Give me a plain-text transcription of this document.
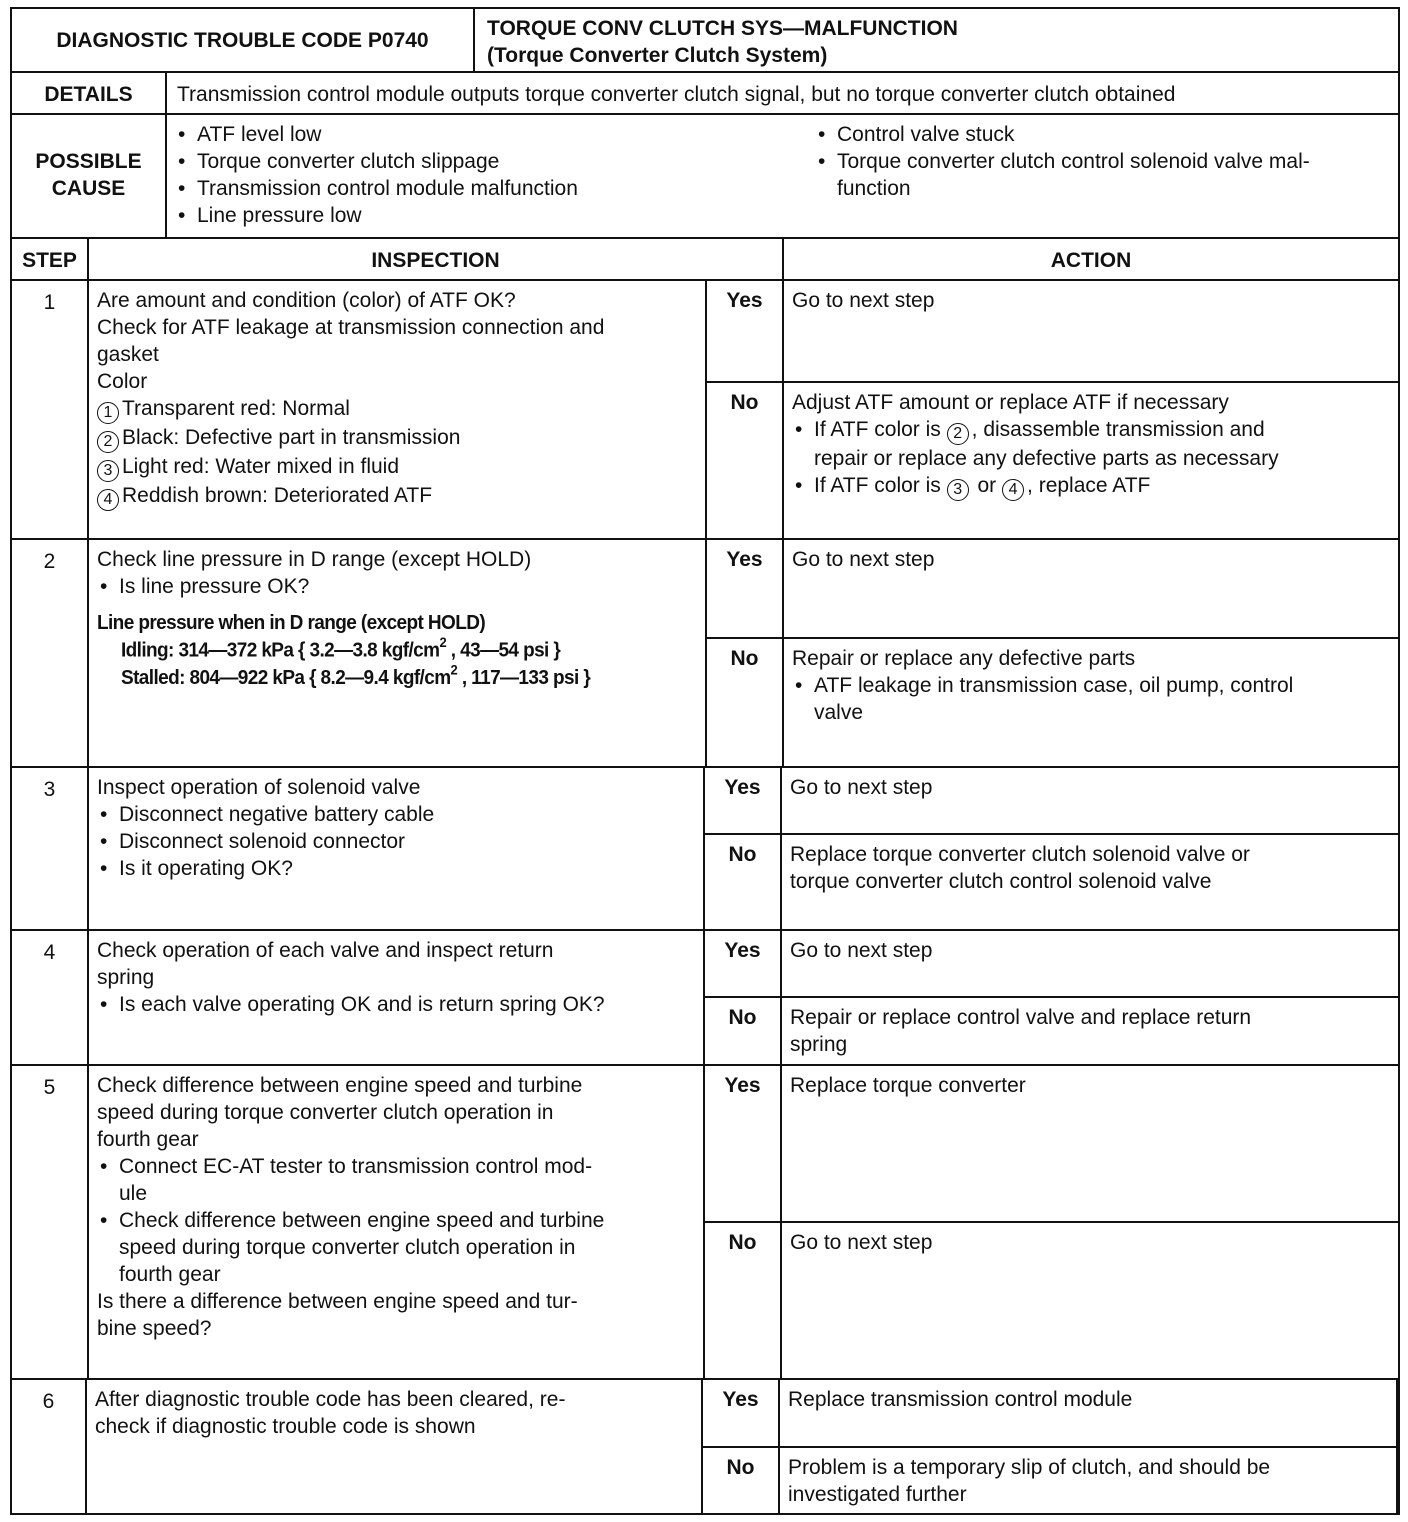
DIAGNOSTIC TROUBLE CODE P0740
TORQUE CONV CLUTCH SYS—MALFUNCTION
(Torque Converter Clutch System)
DETAILS	Transmission control module outputs torque converter clutch signal, but no torque converter clutch obtained
POSSIBLE
CAUSE
• ATF level low
• Torque converter clutch slippage
• Transmission control module malfunction
• Line pressure low
• Control valve stuck
• Torque converter clutch control solenoid valve mal-
function
STEP	INSPECTION	ACTION
1	Are amount and condition (color) of ATF OK?
Check for ATF leakage at transmission connection and
gasket
Color
1 Transparent red: Normal
2 Black: Defective part in transmission
3 Light red: Water mixed in fluid
4 Reddish brown: Deteriorated ATF
Yes	Go to next step
No	Adjust ATF amount or replace ATF if necessary
• If ATF color is 2 , disassemble transmission and
repair or replace any defective parts as necessary
• If ATF color is 3 or 4 , replace ATF
2	Check line pressure in D range (except HOLD)
• Is line pressure OK?
Line pressure when in D range (except HOLD)
Idling: 314—372 kPa { 3.2—3.8 kgf/$cm^2$ , 43—54 psi }
Stalled: 804—922 kPa { 8.2—9.4 kgf/$cm^2$ , 117—133 psi }
Yes	Go to next step
No	Repair or replace any defective parts
• ATF leakage in transmission case, oil pump, control
valve
3	Inspect operation of solenoid valve
• Disconnect negative battery cable
• Disconnect solenoid connector
• Is it operating OK?
Yes	Go to next step
No	Replace torque converter clutch solenoid valve or
torque converter clutch control solenoid valve
4	Check operation of each valve and inspect return
spring
• Is each valve operating OK and is return spring OK?
Yes	Go to next step
No	Repair or replace control valve and replace return
spring
5	Check difference between engine speed and turbine
speed during torque converter clutch operation in
fourth gear
• Connect EC-AT tester to transmission control mod-
ule
• Check difference between engine speed and turbine
speed during torque converter clutch operation in
fourth gear
Is there a difference between engine speed and tur-
bine speed?
Yes	Replace torque converter
No	Go to next step
6	After diagnostic trouble code has been cleared, re-
check if diagnostic trouble code is shown
Yes	Replace transmission control module
No	Problem is a temporary slip of clutch, and should be
investigated further
